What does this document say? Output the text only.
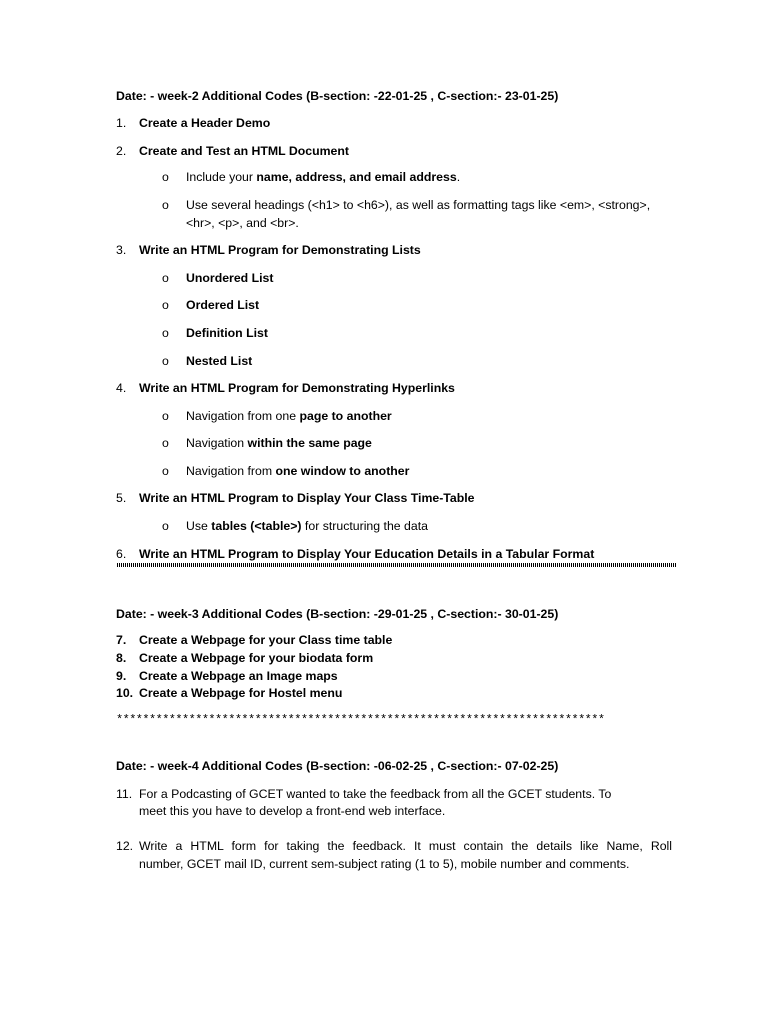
Date: - week-2 Additional Codes (B-section: -22-01-25 , C-section:- 23-01-25)
1. Create a Header Demo
2. Create and Test an HTML Document
o Include your name, address, and email address.
o Use several headings (<h1> to <h6>), as well as formatting tags like <em>, <strong>,
<hr>, <p>, and <br>.
3. Write an HTML Program for Demonstrating Lists
o Unordered List
o Ordered List
o Definition List
o Nested List
4. Write an HTML Program for Demonstrating Hyperlinks
o Navigation from one page to another
o Navigation within the same page
o Navigation from one window to another
5. Write an HTML Program to Display Your Class Time-Table
o Use tables (<table>) for structuring the data
6. Write an HTML Program to Display Your Education Details in a Tabular Format
Date: - week-3 Additional Codes (B-section: -29-01-25 , C-section:- 30-01-25)
7. Create a Webpage for your Class time table
8. Create a Webpage for your biodata form
9. Create a Webpage an Image maps
10. Create a Webpage for Hostel menu
**************************************************************************
Date: - week-4 Additional Codes (B-section: -06-02-25 , C-section:- 07-02-25)
11. For a Podcasting of GCET wanted to take the feedback from all the GCET students. To
meet this you have to develop a front-end web interface.
12. Write a HTML form for taking the feedback. It must contain the details like Name, Roll
number, GCET mail ID, current sem-subject rating (1 to 5), mobile number and comments.
